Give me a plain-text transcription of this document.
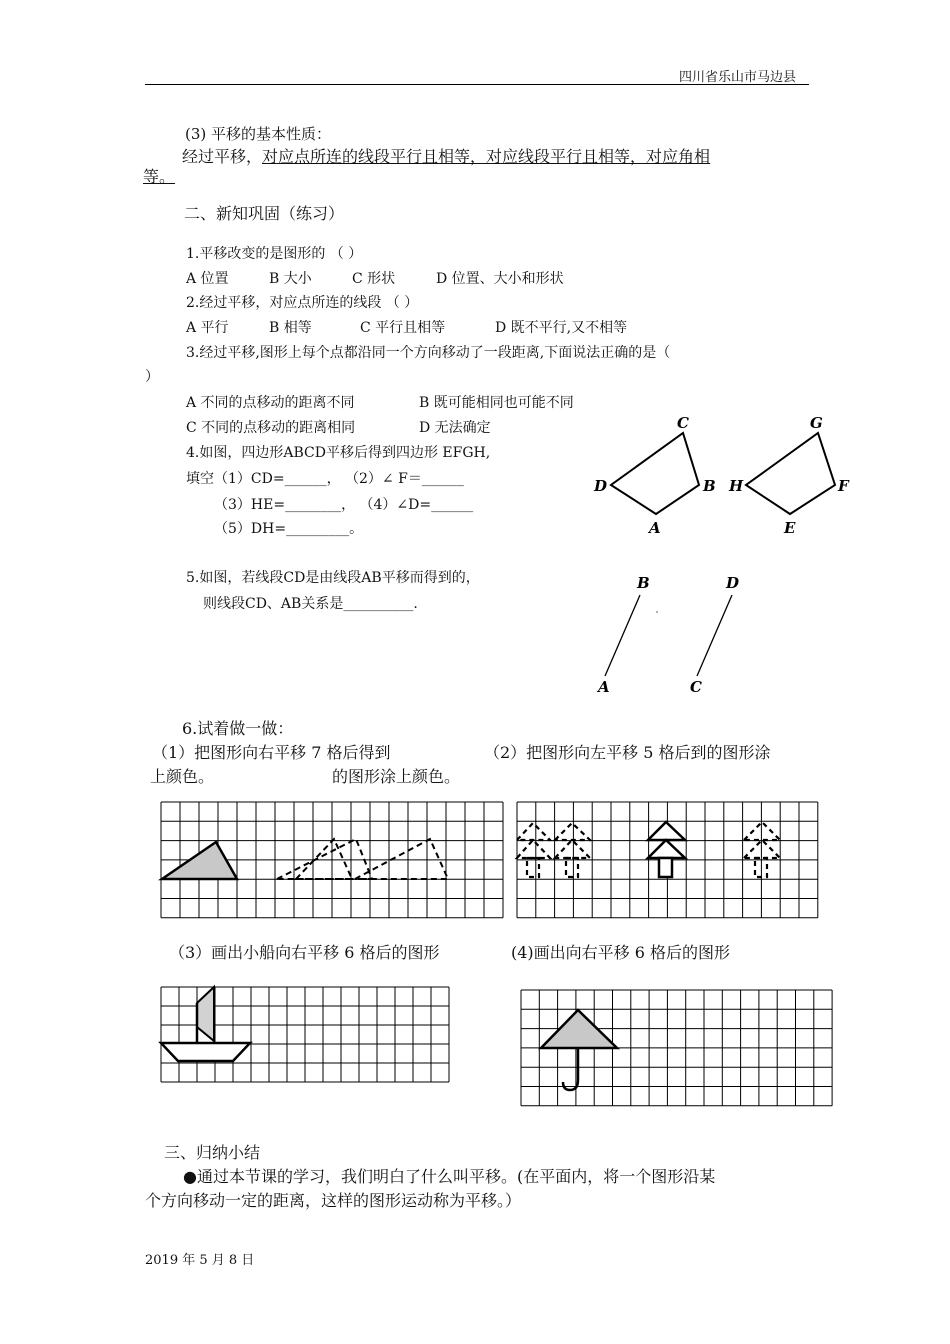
四川省乐山市马边县
(3) 平移的基本性质：
经过平移，对应点所连的线段平行且相等，对应线段平行且相等，对应角相
等。
二、新知巩固（练习）
1.平移改变的是图形的 （ ）
A 位置	B 大小	C 形状	D 位置、大小和形状
2.经过平移，对应点所连的线段 （ ）
A 平行	B 相等	C 平行且相等	D 既不平行,又不相等
3.经过平移,图形上每个点都沿同一个方向移动了一段距离,下面说法正确的是（
）
A 不同的点移动的距离不同	B 既可能相同也可能不同
C 不同的点移动的距离相同	D 无法确定
4.如图，四边形ABCD平移后得到四边形 EFGH,
填空（1）CD=______， （2）∠ F＝______
（3）HE=________， （4）∠D=______
（5）DH=_________。
C
D	B
A
G
H	F
E
B	D
A	C
5.如图，若线段CD是由线段AB平移而得到的，
则线段CD、AB关系是__________.
6.试着做一做：
（1）把图形向右平移 7 格后得到
上颜色。
（2）把图形向左平移 5 格后到的图形涂
的图形涂上颜色。
（3）画出小船向右平移 6 格后的图形	(4)画出向右平移 6 格后的图形
三、归纳小结
●通过本节课的学习，我们明白了什么叫平移。(在平面内，将一个图形沿某
个方向移动一定的距离，这样的图形运动称为平移。）
2019 年 5 月 8 日
